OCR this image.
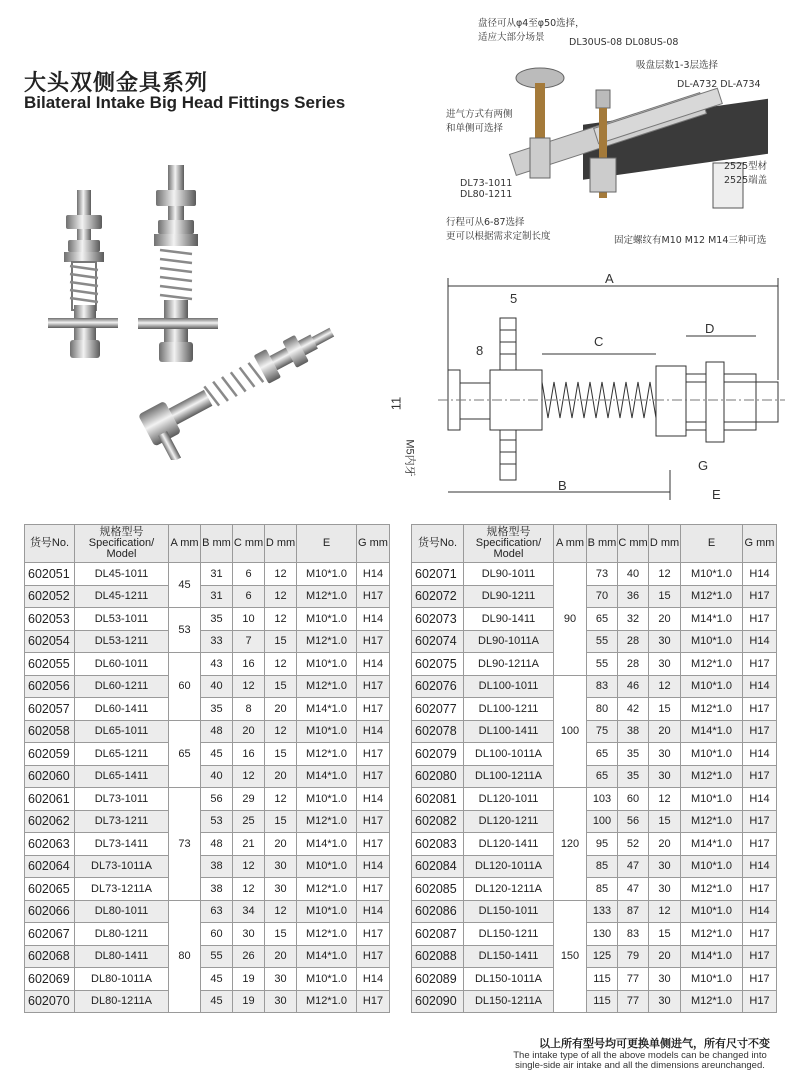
大头双侧金具系列
Bilateral Intake Big Head Fittings Series
盘径可从φ4至φ50选择，
适应大部分场景	DL30US-08 DL08US-08
吸盘层数1-3层选择
DL-A732 DL-A734
进气方式有两侧
和单侧可选择
DL73-1011
DL80-1211
2525型材
2525端盖
行程可从6-87选择
更可以根据需求定制长度	固定螺纹有M10 M12 M14三种可选
A
5
C
D
8
11
M5内牙	G
B
E
货号No.	规格型号 Specification/ Model	A mm	B mm	C mm	D mm	E	G mm
602051	DL45-1011	45	31	6	12	M10*1.0	H14
602052	DL45-1211		31	6	12	M12*1.0	H17
602053	DL53-1011	53	35	10	12	M10*1.0	H14
602054	DL53-1211		33	7	15	M12*1.0	H17
602055	DL60-1011	60	43	16	12	M10*1.0	H14
602056	DL60-1211		40	12	15	M12*1.0	H17
602057	DL60-1411		35	8	20	M14*1.0	H17
602058	DL65-1011	65	48	20	12	M10*1.0	H14
602059	DL65-1211		45	16	15	M12*1.0	H17
602060	DL65-1411		40	12	20	M14*1.0	H17
602061	DL73-1011	73	56	29	12	M10*1.0	H14
602062	DL73-1211		53	25	15	M12*1.0	H17
602063	DL73-1411		48	21	20	M14*1.0	H17
602064	DL73-1011A		38	12	30	M10*1.0	H14
602065	DL73-1211A		38	12	30	M12*1.0	H17
602066	DL80-1011	80	63	34	12	M10*1.0	H14
602067	DL80-1211		60	30	15	M12*1.0	H17
602068	DL80-1411		55	26	20	M14*1.0	H17
602069	DL80-1011A		45	19	30	M10*1.0	H14
602070	DL80-1211A		45	19	30	M12*1.0	H17
货号No.	规格型号 Specification/ Model	A mm	B mm	C mm	D mm	E	G mm
602071	DL90-1011	90	73	40	12	M10*1.0	H14
602072	DL90-1211		70	36	15	M12*1.0	H17
602073	DL90-1411		65	32	20	M14*1.0	H17
602074	DL90-1011A		55	28	30	M10*1.0	H14
602075	DL90-1211A		55	28	30	M12*1.0	H17
602076	DL100-1011	100	83	46	12	M10*1.0	H14
602077	DL100-1211		80	42	15	M12*1.0	H17
602078	DL100-1411		75	38	20	M14*1.0	H17
602079	DL100-1011A		65	35	30	M10*1.0	H14
602080	DL100-1211A		65	35	30	M12*1.0	H17
602081	DL120-1011	120	103	60	12	M10*1.0	H14
602082	DL120-1211		100	56	15	M12*1.0	H17
602083	DL120-1411		95	52	20	M14*1.0	H17
602084	DL120-1011A		85	47	30	M10*1.0	H14
602085	DL120-1211A		85	47	30	M12*1.0	H17
602086	DL150-1011	150	133	87	12	M10*1.0	H14
602087	DL150-1211		130	83	15	M12*1.0	H17
602088	DL150-1411		125	79	20	M14*1.0	H17
602089	DL150-1011A		115	77	30	M10*1.0	H17
602090	DL150-1211A		115	77	30	M12*1.0	H17
以上所有型号均可更换单侧进气，所有尺寸不变
The intake type of all the above models can be changed into single-side air intake and all the dimensions areunchanged.
